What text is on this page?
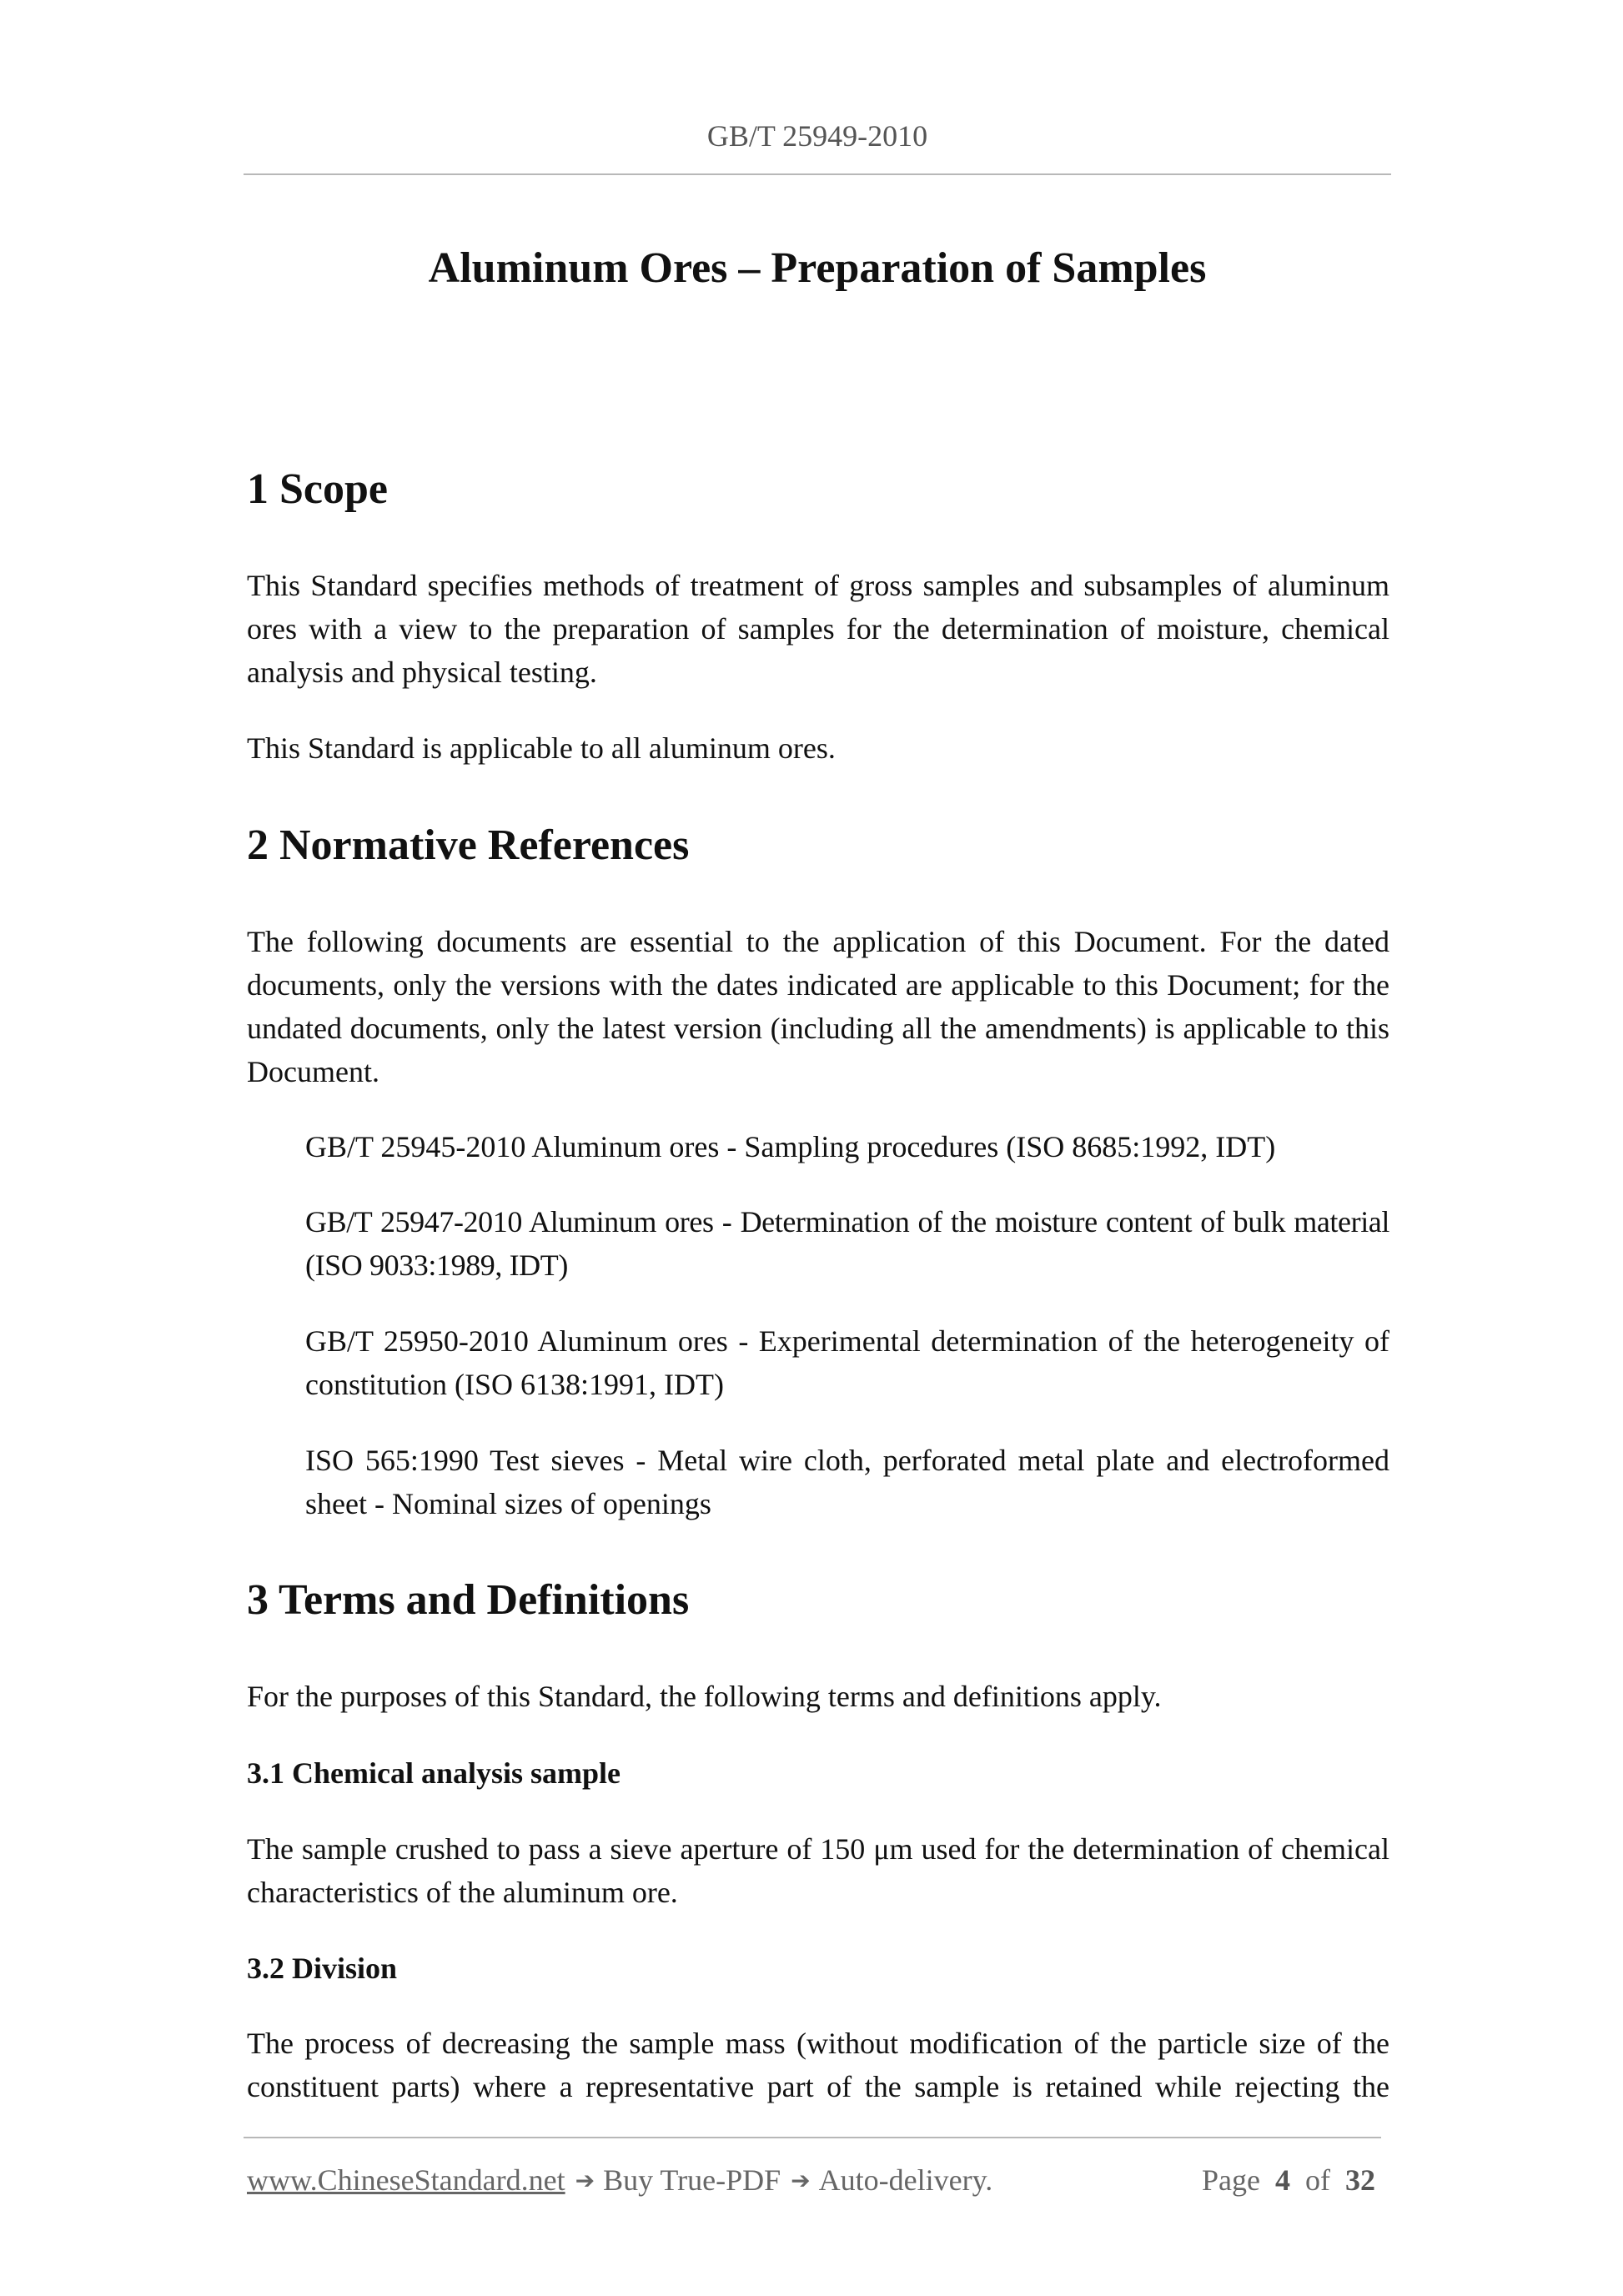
GB/T 25949-2010

Aluminum Ores – Preparation of Samples
1 Scope

This Standard specifies methods of treatment of gross samples and subsamples of aluminum ores with a view to the preparation of samples for the determination of moisture, chemical analysis and physical testing.

This Standard is applicable to all aluminum ores.

2 Normative References

The following documents are essential to the application of this Document. For the dated documents, only the versions with the dates indicated are applicable to this Document; for the undated documents, only the latest version (including all the amendments) is applicable to this Document.

GB/T 25945-2010 Aluminum ores - Sampling procedures (ISO 8685:1992, IDT)

GB/T 25947-2010 Aluminum ores - Determination of the moisture content of bulk material (ISO 9033:1989, IDT)

GB/T 25950-2010 Aluminum ores - Experimental determination of the heterogeneity of constitution (ISO 6138:1991, IDT)

ISO 565:1990 Test sieves - Metal wire cloth, perforated metal plate and electroformed sheet - Nominal sizes of openings

3 Terms and Definitions

For the purposes of this Standard, the following terms and definitions apply.

3.1 Chemical analysis sample

The sample crushed to pass a sieve aperture of 150 μm used for the determination of chemical characteristics of the aluminum ore.

3.2 Division

The process of decreasing the sample mass (without modification of the particle size of the constituent parts) where a representative part of the sample is retained while rejecting the

www.ChineseStandard.net ➔ Buy True-PDF ➔ Auto-delivery.	Page 4 of 32
